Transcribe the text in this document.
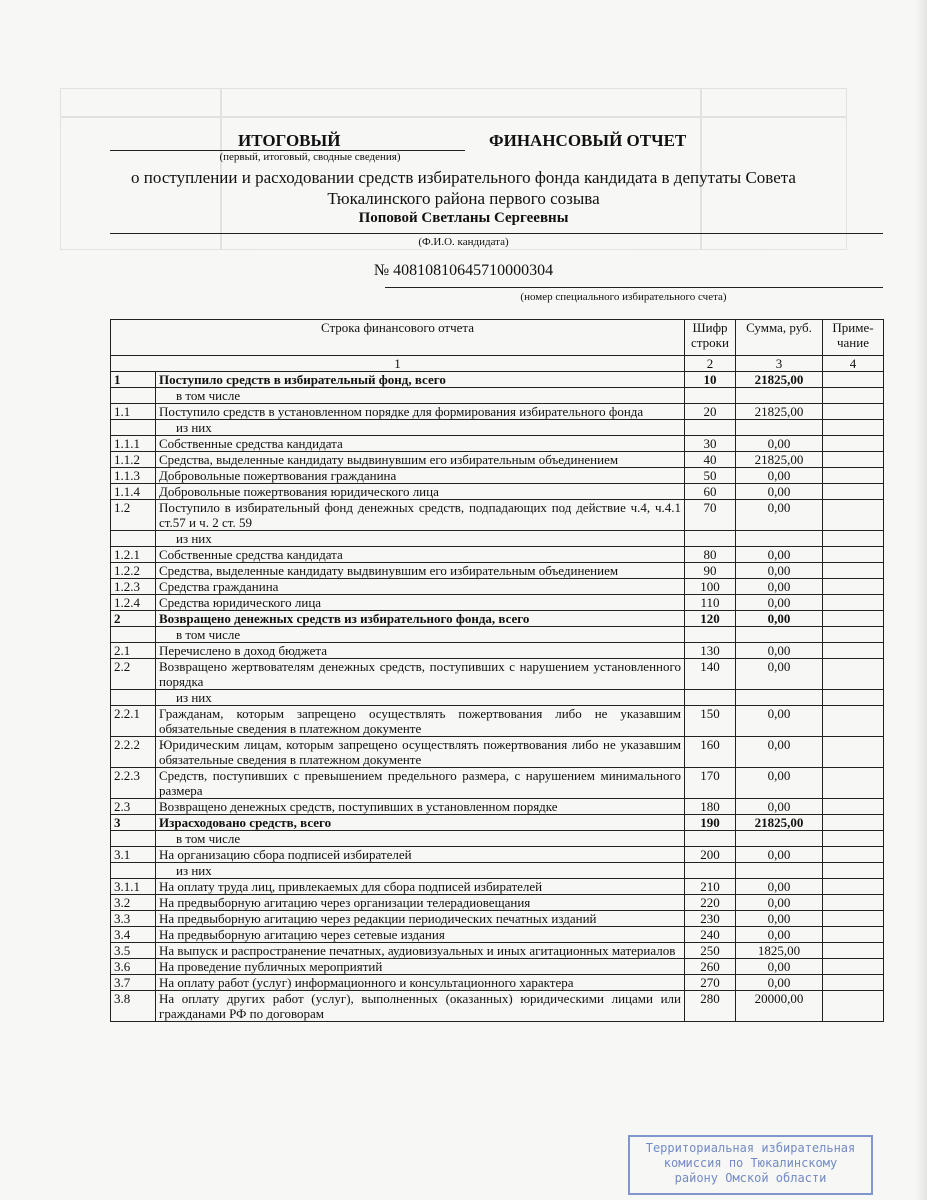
ИТОГОВЫЙ	ФИНАНСОВЫЙ ОТЧЕТ
(первый, итоговый, сводные сведения)
о поступлении и расходовании средств избирательного фонда кандидата в депутаты Совета
Тюкалинского района первого созыва
Поповой Светланы Сергеевны
(Ф.И.О. кандидата)
№ 40810810645710000304
(номер специального избирательного счета)
Строка финансового отчета		Шифр строки	Сумма, руб.	Приме-чание
1		2	3	4
1	Поступило средств в избирательный фонд, всего	10	21825,00	
	в том числе			
1.1	Поступило средств в установленном порядке для формирования избирательного фонда	20	21825,00	
	из них			
1.1.1	Собственные средства кандидата	30	0,00	
1.1.2	Средства, выделенные кандидату выдвинувшим его избирательным объединением	40	21825,00	
1.1.3	Добровольные пожертвования гражданина	50	0,00	
1.1.4	Добровольные пожертвования юридического лица	60	0,00	
1.2	Поступило в избирательный фонд денежных средств, подпадающих под действие ч.4, ч.4.1 ст.57 и ч. 2 ст. 59	70	0,00	
	из них			
1.2.1	Собственные средства кандидата	80	0,00	
1.2.2	Средства, выделенные кандидату выдвинувшим его избирательным объединением	90	0,00	
1.2.3	Средства гражданина	100	0,00	
1.2.4	Средства юридического лица	110	0,00	
2	Возвращено денежных средств из избирательного фонда, всего	120	0,00	
	в том числе			
2.1	Перечислено в доход бюджета	130	0,00	
2.2	Возвращено жертвователям денежных средств, поступивших с нарушением установленного порядка	140	0,00	
	из них			
2.2.1	Гражданам, которым запрещено осуществлять пожертвования либо не указавшим обязательные сведения в платежном документе	150	0,00	
2.2.2	Юридическим лицам, которым запрещено осуществлять пожертвования либо не указавшим обязательные сведения в платежном документе	160	0,00	
2.2.3	Средств, поступивших с превышением предельного размера, с нарушением минимального размера	170	0,00	
2.3	Возвращено денежных средств, поступивших в установленном порядке	180	0,00	
3	Израсходовано средств, всего	190	21825,00	
	в том числе			
3.1	На организацию сбора подписей избирателей	200	0,00	
	из них			
3.1.1	На оплату труда лиц, привлекаемых для сбора подписей избирателей	210	0,00	
3.2	На предвыборную агитацию через организации телерадиовещания	220	0,00	
3.3	На предвыборную агитацию через редакции периодических печатных изданий	230	0,00	
3.4	На предвыборную агитацию через сетевые издания	240	0,00	
3.5	На выпуск и распространение печатных, аудиовизуальных и иных агитационных материалов	250	1825,00	
3.6	На проведение публичных мероприятий	260	0,00	
3.7	На оплату работ (услуг) информационного и консультационного характера	270	0,00	
3.8	На оплату других работ (услуг), выполненных (оказанных) юридическими лицами или гражданами РФ по договорам	280	20000,00	
Территориальная избирательная
комиссия по Тюкалинскому
району Омской области
